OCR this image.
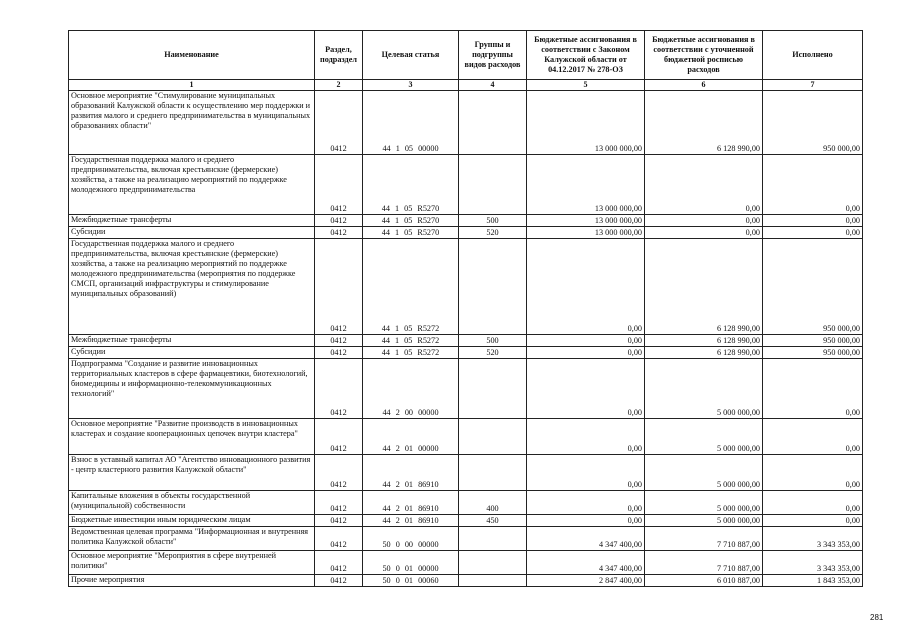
Наименование	Раздел, подраздел	Целевая статья	Группы и подгруппы видов расходов	Бюджетные ассигнования в соответствии с Законом Калужской области от 04.12.2017 № 278-ОЗ	Бюджетные ассигнования в соответствии с уточненной бюджетной росписью расходов	Исполнено
1	2	3	4	5	6	7
Основное мероприятие "Стимулирование муниципальных образований Калужской области к осуществлению мер поддержки и развития малого и среднего предпринимательства в муниципальных образованиях области"	0412	44 1 05 00000		13 000 000,00	6 128 990,00	950 000,00
Государственная поддержка малого и среднего предпринимательства, включая крестьянские (фермерские) хозяйства, а также на реализацию мероприятий по поддержке молодежного предпринимательства	0412	44 1 05 R5270		13 000 000,00	0,00	0,00
Межбюджетные трансферты	0412	44 1 05 R5270	500	13 000 000,00	0,00	0,00
Субсидии	0412	44 1 05 R5270	520	13 000 000,00	0,00	0,00
Государственная поддержка малого и среднего предпринимательства, включая крестьянские (фермерские) хозяйства, а также на реализацию мероприятий по поддержке молодежного предпринимательства (мероприятия по поддержке СМСП, организаций инфраструктуры и стимулирование муниципальных образований)	0412	44 1 05 R5272		0,00	6 128 990,00	950 000,00
Межбюджетные трансферты	0412	44 1 05 R5272	500	0,00	6 128 990,00	950 000,00
Субсидии	0412	44 1 05 R5272	520	0,00	6 128 990,00	950 000,00
Подпрограмма "Создание и развитие инновационных территориальных кластеров в сфере фармацевтики, биотехнологий, биомедицины и информационно-телекоммуникационных технологий"	0412	44 2 00 00000		0,00	5 000 000,00	0,00
Основное мероприятие "Развитие производств в инновационных кластерах и создание кооперационных цепочек внутри кластера"	0412	44 2 01 00000		0,00	5 000 000,00	0,00
Взнос в уставный капитал АО "Агентство инновационного развития - центр кластерного развития Калужской области"	0412	44 2 01 86910		0,00	5 000 000,00	0,00
Капитальные вложения в объекты государственной (муниципальной) собственности	0412	44 2 01 86910	400	0,00	5 000 000,00	0,00
Бюджетные инвестиции иным юридическим лицам	0412	44 2 01 86910	450	0,00	5 000 000,00	0,00
Ведомственная целевая программа "Информационная и внутренняя политика Калужской области"	0412	50 0 00 00000		4 347 400,00	7 710 887,00	3 343 353,00
Основное мероприятие "Мероприятия в сфере внутренней политики"	0412	50 0 01 00000		4 347 400,00	7 710 887,00	3 343 353,00
Прочие мероприятия	0412	50 0 01 00060		2 847 400,00	6 010 887,00	1 843 353,00
281
